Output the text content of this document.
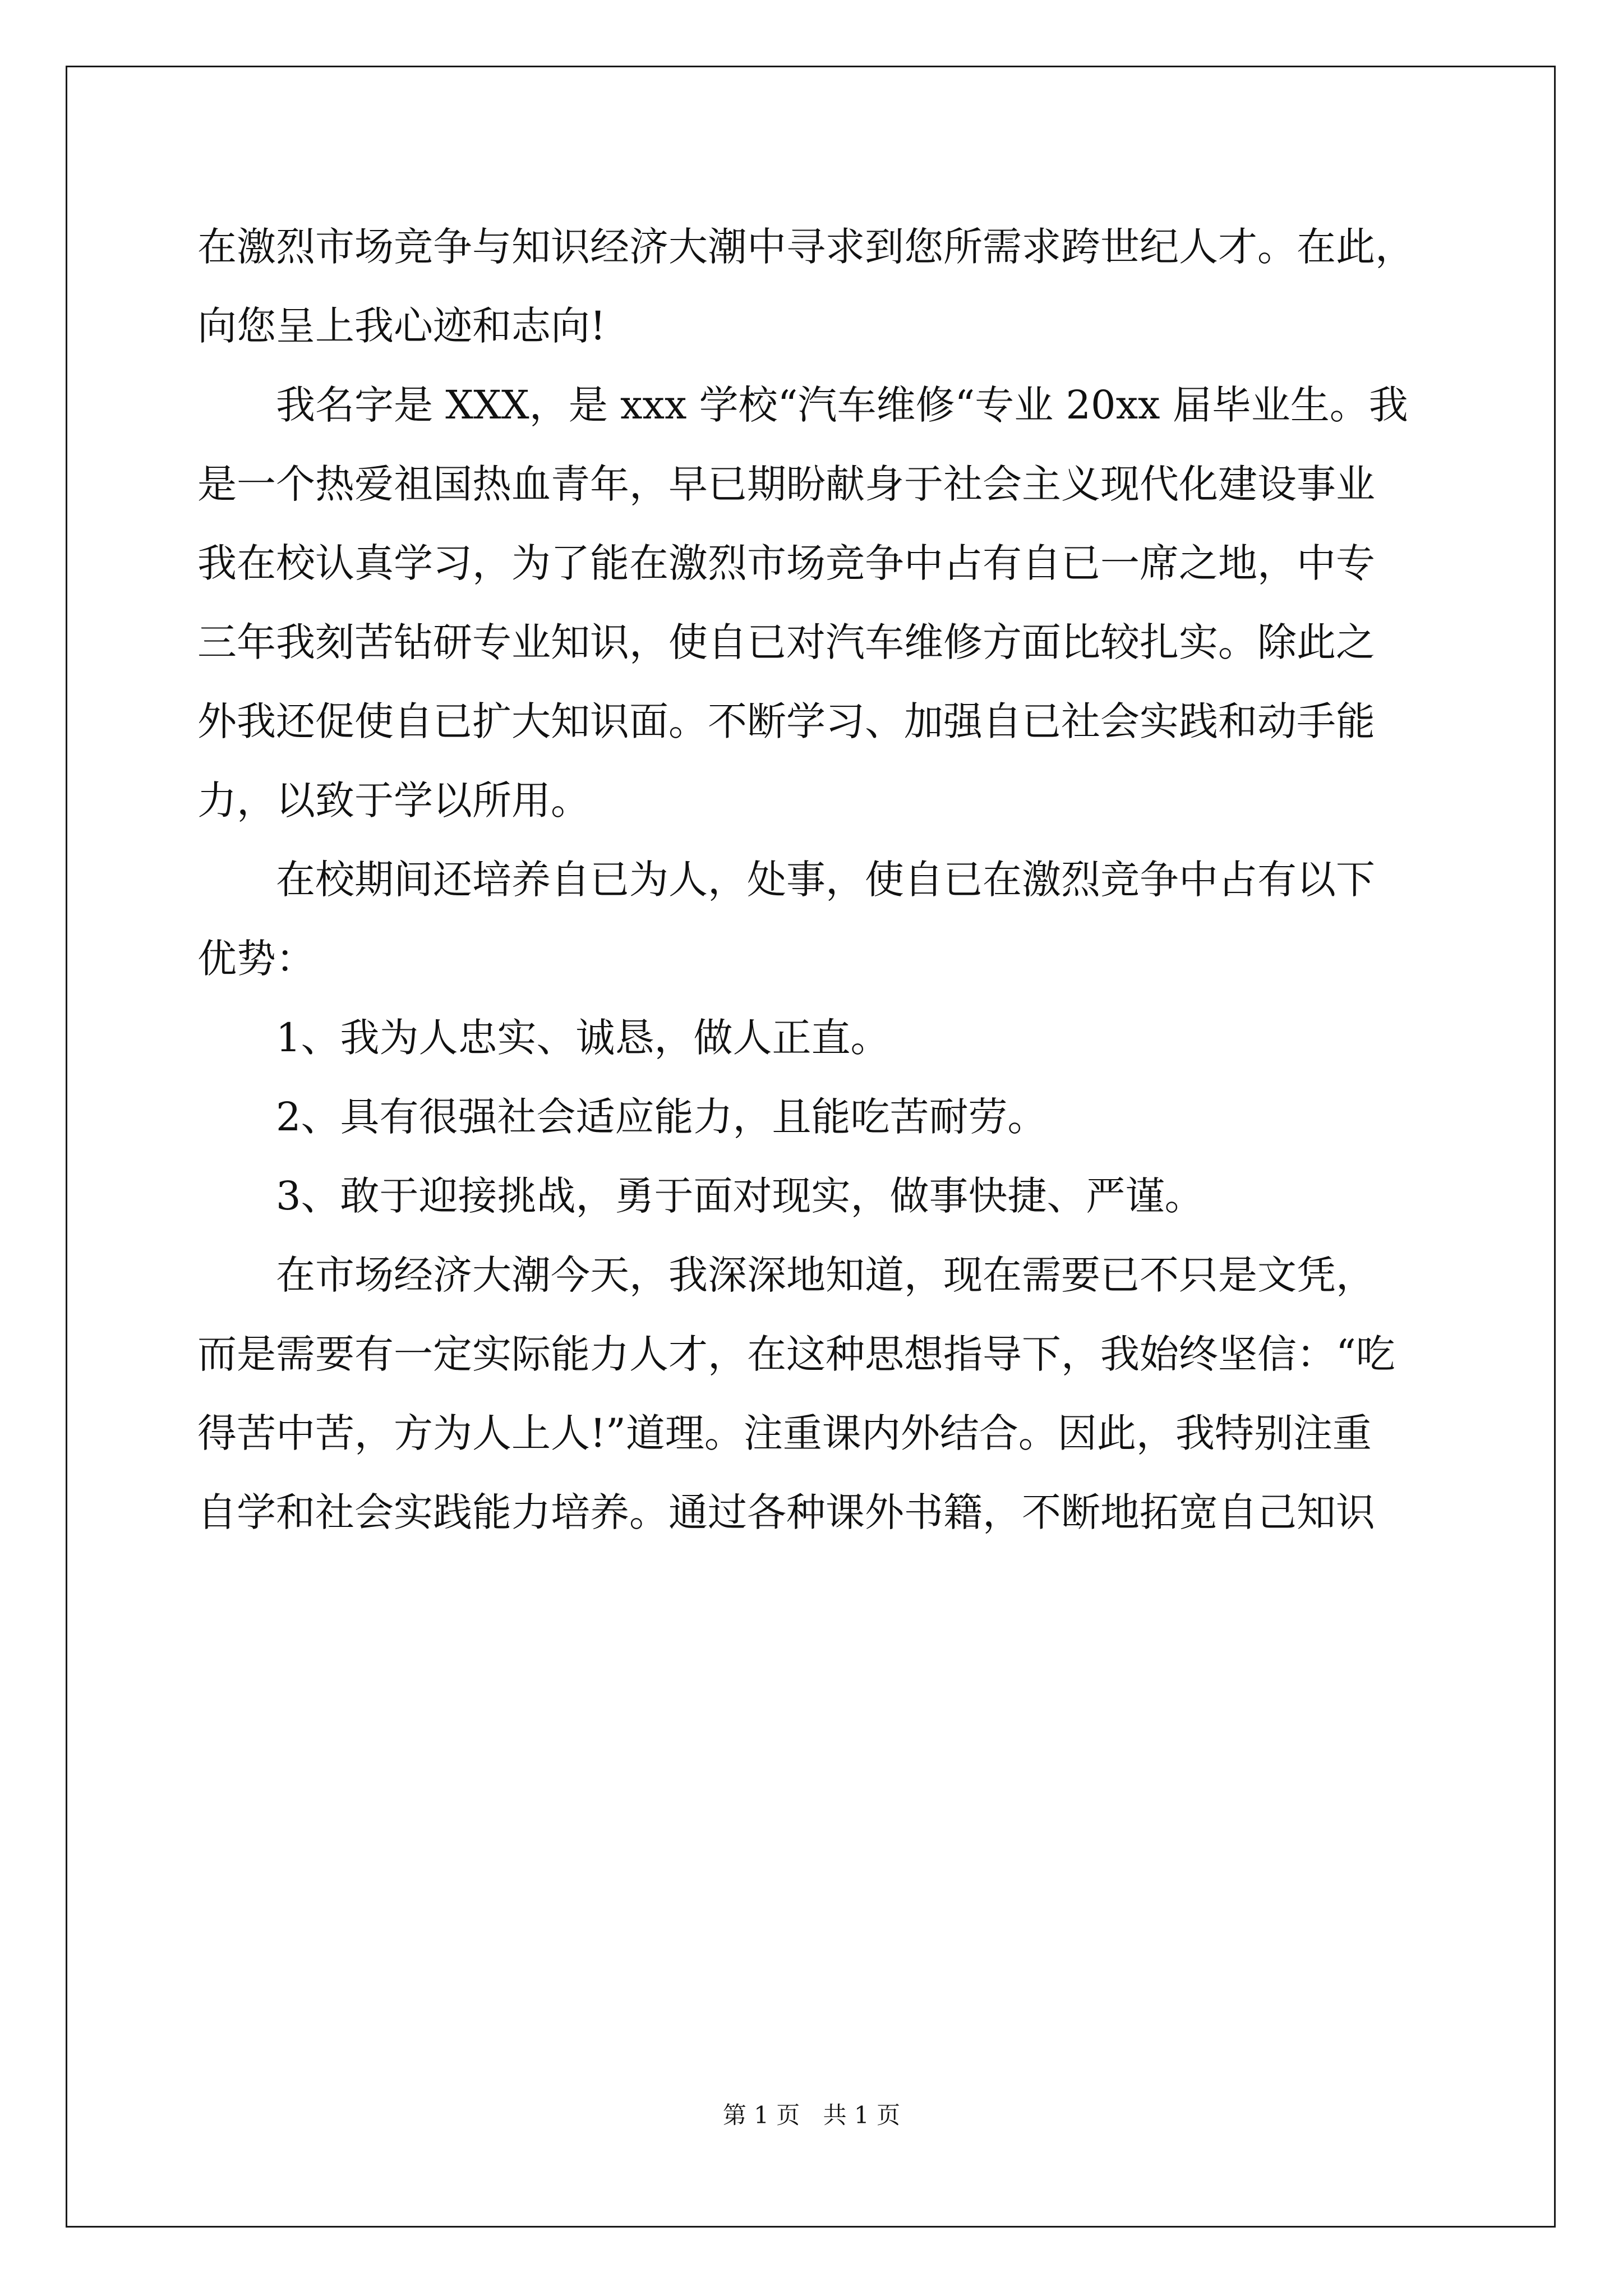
在激烈市场竞争与知识经济大潮中寻求到您所需求跨世纪人才。在此，
向您呈上我心迹和志向!
我名字是 XXX，是 xxx 学校“汽车维修“专业 20xx 届毕业生。我
是一个热爱祖国热血青年，早已期盼献身于社会主义现代化建设事业
我在校认真学习，为了能在激烈市场竞争中占有自已一席之地，中专
三年我刻苦钻研专业知识，使自已对汽车维修方面比较扎实。除此之
外我还促使自已扩大知识面。不断学习、加强自已社会实践和动手能
力，以致于学以所用。
在校期间还培养自已为人，处事，使自已在激烈竞争中占有以下
优势：
1、我为人忠实、诚恳，做人正直。
2、具有很强社会适应能力，且能吃苦耐劳。
3、敢于迎接挑战，勇于面对现实，做事快捷、严谨。
在市场经济大潮今天，我深深地知道，现在需要已不只是文凭，
而是需要有一定实际能力人才，在这种思想指导下，我始终坚信：“吃
得苦中苦，方为人上人!”道理。注重课内外结合。因此，我特别注重
自学和社会实践能力培养。通过各种课外书籍，不断地拓宽自己知识
第 1 页 共 1 页
